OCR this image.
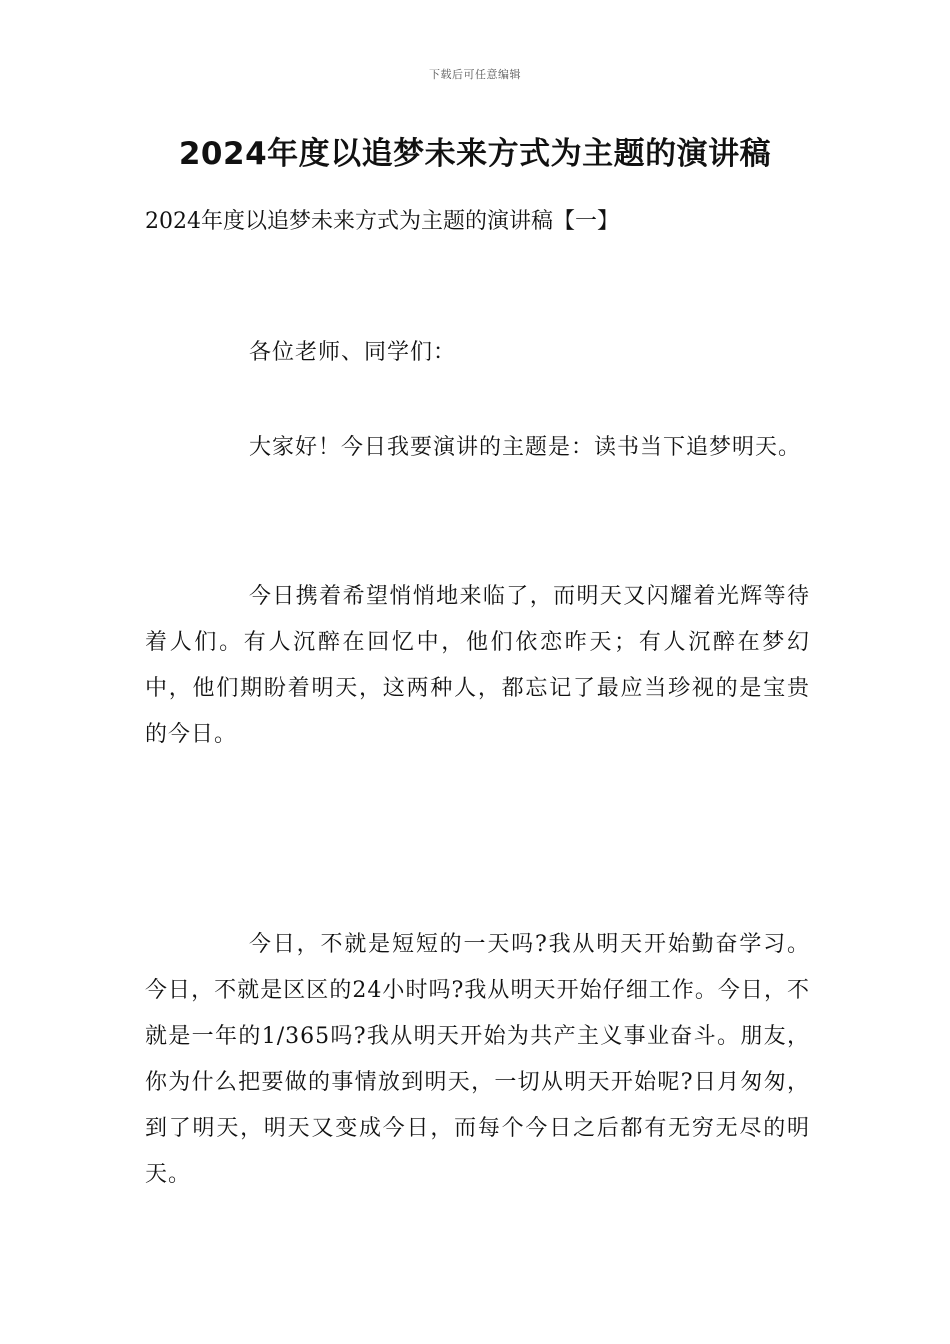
下载后可任意编辑
2024年度以追梦未来方式为主题的演讲稿
2024年度以追梦未来方式为主题的演讲稿【一】
各位老师、同学们：
大家好！今日我要演讲的主题是：读书当下追梦明天。
今日携着希望悄悄地来临了，而明天又闪耀着光辉等待着人们。有人沉醉在回忆中，他们依恋昨天；有人沉醉在梦幻中，他们期盼着明天，这两种人，都忘记了最应当珍视的是宝贵的今日。
今日，不就是短短的一天吗?我从明天开始勤奋学习。今日，不就是区区的24小时吗?我从明天开始仔细工作。今日，不就是一年的1/365吗?我从明天开始为共产主义事业奋斗。朋友，你为什么把要做的事情放到明天，一切从明天开始呢?日月匆匆，到了明天，明天又变成今日，而每个今日之后都有无穷无尽的明天。
